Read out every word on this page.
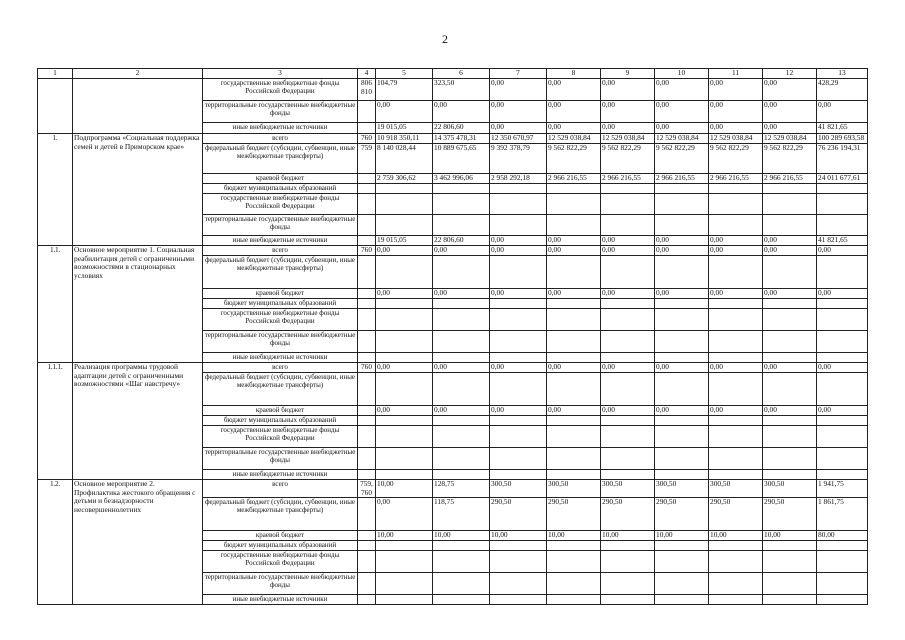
2
1	2	3	4	5	6	7	8	9	10	11	12	13
		государственные внебюджетные фонды Российской Федерации	806 810	104,79	323,50	0,00	0,00	0,00	0,00	0,00	0,00	428,29
		территориальные государственные внебюджетные фонды		0,00	0,00	0,00	0,00	0,00	0,00	0,00	0,00	0,00
		иные внебюджетные источники		19 015,05	22 806,60	0,00	0,00	0,00	0,00	0,00	0,00	41 821,65
1.	Подпрограмма «Социальная поддержка семей и детей в Приморском крае»	всего	760	10 918 350,11	14 375 478,31	12 350 670,97	12 529 038,84	12 529 038,84	12 529 038,84	12 529 038,84	12 529 038,84	100 289 693,58
		федеральный бюджет (субсидии, субвенции, иные межбюджетные трансферты)	759	8 140 028,44	10 889 675,65	9 392 378,79	9 562 822,29	9 562 822,29	9 562 822,29	9 562 822,29	9 562 822,29	76 236 194,31
		краевой бюджет		2 759 306,62	3 462 996,06	2 958 292,18	2 966 216,55	2 966 216,55	2 966 216,55	2 966 216,55	2 966 216,55	24 011 677,61
		бюджет муниципальных образований										
		государственные внебюджетные фонды Российской Федерации										
		территориальные государственные внебюджетные фонды										
		иные внебюджетные источники		19 015,05	22 806,60	0,00	0,00	0,00	0,00	0,00	0,00	41 821,65
1.1.	Основное мероприятие 1. Социальная реабилитация детей с ограниченными возможностями в стационарных условиях	всего	760	0,00	0,00	0,00	0,00	0,00	0,00	0,00	0,00	0,00
		федеральный бюджет (субсидии, субвенции, иные межбюджетные трансферты)										
		краевой бюджет		0,00	0,00	0,00	0,00	0,00	0,00	0,00	0,00	0,00
		бюджет муниципальных образований										
		государственные внебюджетные фонды Российской Федерации										
		территориальные государственные внебюджетные фонды										
		иные внебюджетные источники										
1.1.1.	Реализация программы трудовой адаптации детей с ограниченными возможностями «Шаг навстречу»	всего	760	0,00	0,00	0,00	0,00	0,00	0,00	0,00	0,00	0,00
		федеральный бюджет (субсидии, субвенции, иные межбюджетные трансферты)										
		краевой бюджет		0,00	0,00	0,00	0,00	0,00	0,00	0,00	0,00	0,00
		бюджет муниципальных образований										
		государственные внебюджетные фонды Российской Федерации										
		территориальные государственные внебюджетные фонды										
		иные внебюджетные источники										
1.2.	Основное мероприятие 2. Профилактика жестокого обращения с детьми и безнадзорности несовершеннолетних	всего	759, 760	10,00	128,75	300,50	300,50	300,50	300,50	300,50	300,50	1 941,75
		федеральный бюджет (субсидии, субвенции, иные межбюджетные трансферты)		0,00	118,75	290,50	290,50	290,50	290,50	290,50	290,50	1 861,75
		краевой бюджет		10,00	10,00	10,00	10,00	10,00	10,00	10,00	10,00	80,00
		бюджет муниципальных образований										
		государственные внебюджетные фонды Российской Федерации										
		территориальные государственные внебюджетные фонды										
		иные внебюджетные источники										
